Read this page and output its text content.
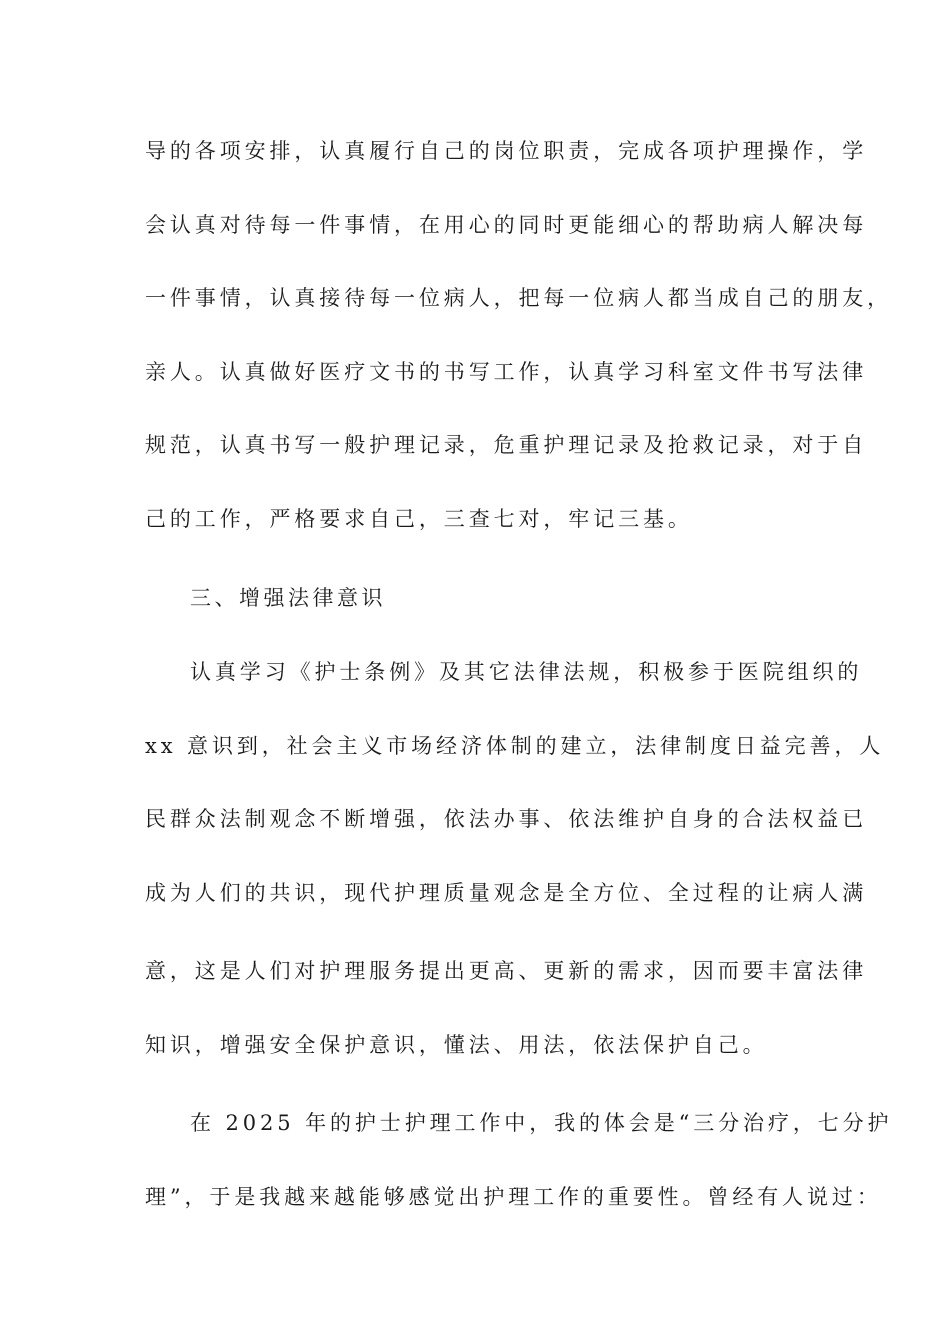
导的各项安排，认真履行自己的岗位职责，完成各项护理操作，学
会认真对待每一件事情，在用心的同时更能细心的帮助病人解决每
一件事情，认真接待每一位病人，把每一位病人都当成自己的朋友，
亲人。认真做好医疗文书的书写工作，认真学习科室文件书写法律
规范，认真书写一般护理记录，危重护理记录及抢救记录，对于自
己的工作，严格要求自己，三查七对，牢记三基。
三、增强法律意识
认真学习《护士条例》及其它法律法规，积极参于医院组织的
xx 意识到，社会主义市场经济体制的建立，法律制度日益完善，人
民群众法制观念不断增强，依法办事、依法维护自身的合法权益已
成为人们的共识，现代护理质量观念是全方位、全过程的让病人满
意，这是人们对护理服务提出更高、更新的需求，因而要丰富法律
知识，增强安全保护意识，懂法、用法，依法保护自己。
在 2025 年的护士护理工作中，我的体会是“三分治疗，七分护
理”，于是我越来越能够感觉出护理工作的重要性。曾经有人说过：
